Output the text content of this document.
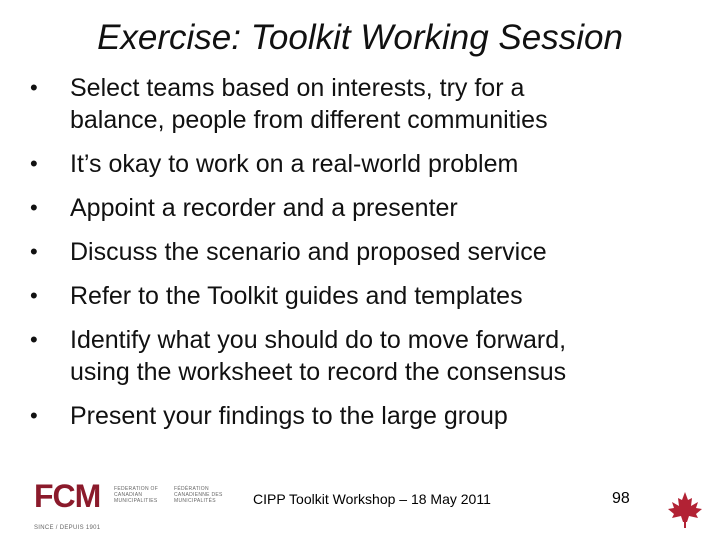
Exercise: Toolkit Working Session
• Select teams based on interests, try for a
balance, people from different communities
• It’s okay to work on a real-world problem
• Appoint a recorder and a presenter
• Discuss the scenario and proposed service
• Refer to the Toolkit guides and templates
• Identify what you should do to move forward,
using the worksheet to record the consensus
• Present your findings to the large group
FCM	FEDERATION OF CANADIAN MUNICIPALITIES
FÉDÉRATION CANADIENNE DES MUNICIPALITÉS
SINCE / DEPUIS 1901
CIPP Toolkit Workshop – 18 May 2011	98
